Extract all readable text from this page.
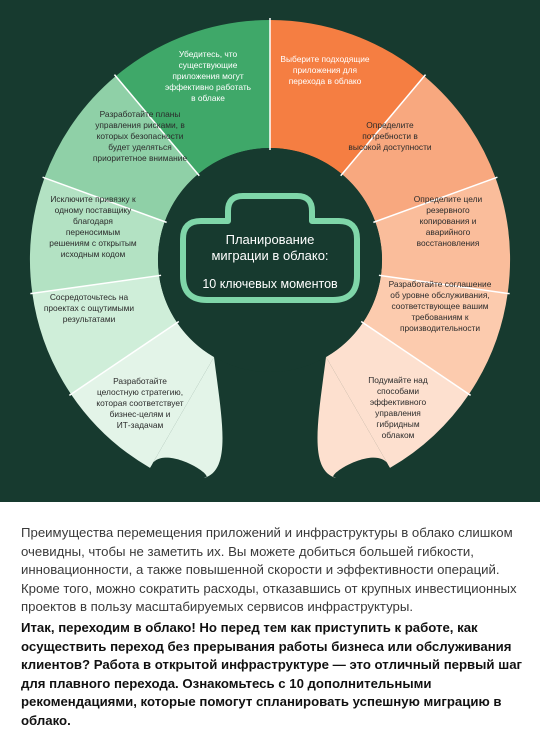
Планирование миграции в облако:
10 ключевых моментов
Разработайте целостную стратегию, которая соответствует бизнес-целям и ИТ-задачам
Сосредоточьтесь на проектах с ощутимыми результатами
Исключите привязку к одному поставщику благодаря переносимым решениям с открытым исходным кодом
Разработайте планы управления рисками, в которых безопасности будет уделяться приоритетное внимание
Убедитесь, что существующие приложения могут эффективно работать в облаке
Выберите подходящие приложения для перехода в облако
Определите потребности в высокой доступности
Определите цели резервного копирования и аварийного восстановления
Разработайте соглашение об уровне обслуживания, соответствующее вашим требованиям к производительности
Подумайте над способами эффективного управления гибридным облаком

Преимущества перемещения приложений и инфраструктуры в облако слишком очевидны, чтобы не заметить их. Вы можете добиться большей гибкости, инновационности, а также повышенной скорости и эффективности операций. Кроме того, можно сократить расходы, отказавшись от крупных инвестиционных проектов в пользу масштабируемых сервисов инфраструктуры.

Итак, переходим в облако! Но перед тем как приступить к работе, как осуществить переход без прерывания работы бизнеса или обслуживания клиентов? Работа в открытой инфраструктуре — это отличный первый шаг для плавного перехода. Ознакомьтесь с 10 дополнительными рекомендациями, которые помогут спланировать успешную миграцию в облако.
